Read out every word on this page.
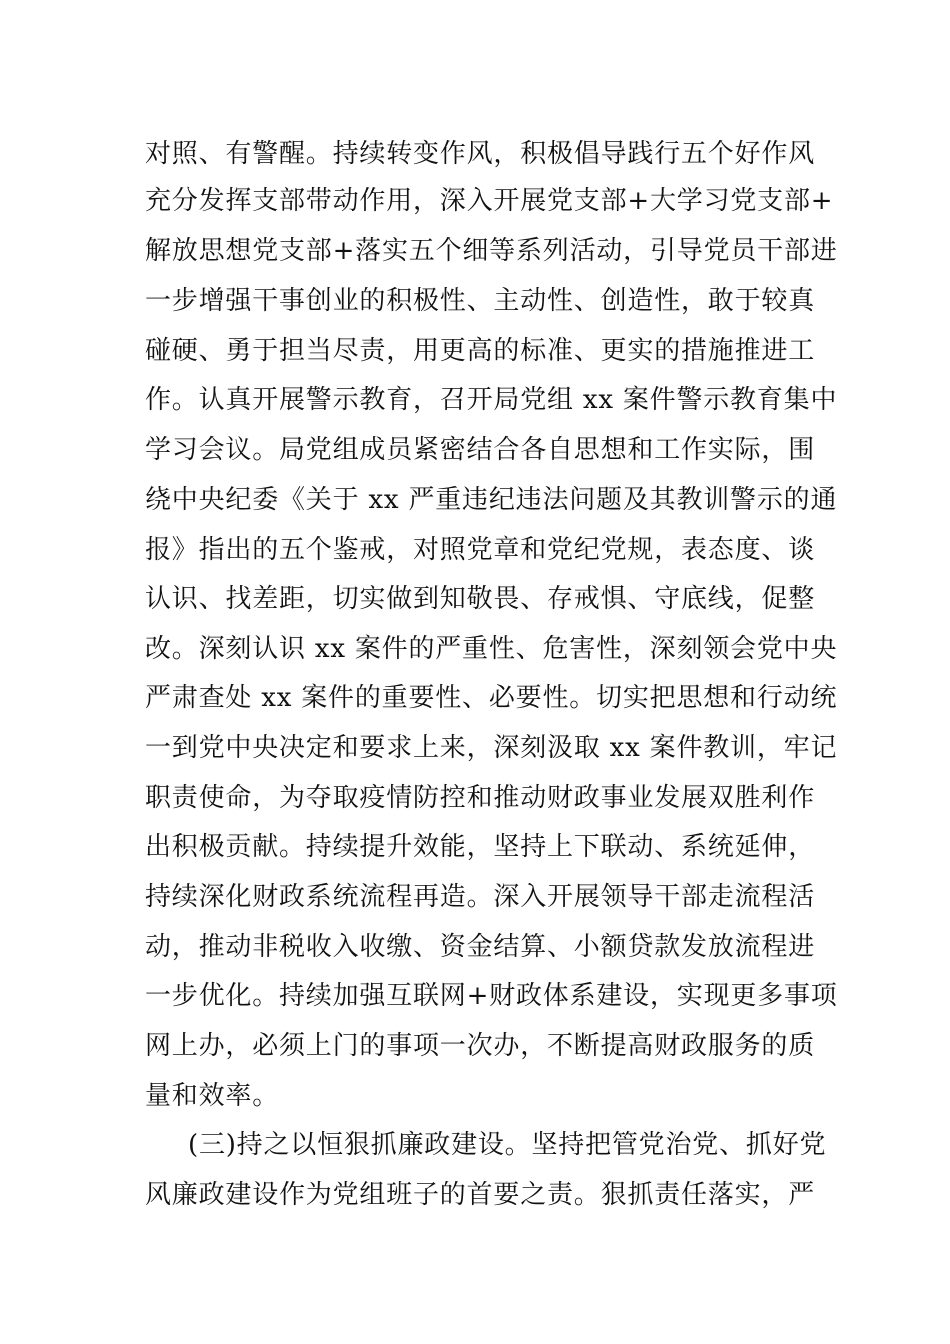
对照、有警醒。持续转变作风，积极倡导践行五个好作风
充分发挥支部带动作用，深入开展党支部+大学习党支部+
解放思想党支部+落实五个细等系列活动，引导党员干部进
一步增强干事创业的积极性、主动性、创造性，敢于较真
碰硬、勇于担当尽责，用更高的标准、更实的措施推进工
作。认真开展警示教育，召开局党组 xx 案件警示教育集中
学习会议。局党组成员紧密结合各自思想和工作实际，围
绕中央纪委《关于 xx 严重违纪违法问题及其教训警示的通
报》指出的五个鉴戒，对照党章和党纪党规，表态度、谈
认识、找差距，切实做到知敬畏、存戒惧、守底线，促整
改。深刻认识 xx 案件的严重性、危害性，深刻领会党中央
严肃查处 xx 案件的重要性、必要性。切实把思想和行动统
一到党中央决定和要求上来，深刻汲取 xx 案件教训，牢记
职责使命，为夺取疫情防控和推动财政事业发展双胜利作
出积极贡献。持续提升效能，坚持上下联动、系统延伸，
持续深化财政系统流程再造。深入开展领导干部走流程活
动，推动非税收入收缴、资金结算、小额贷款发放流程进
一步优化。持续加强互联网+财政体系建设，实现更多事项
网上办，必须上门的事项一次办，不断提高财政服务的质
量和效率。
(三)持之以恒狠抓廉政建设。坚持把管党治党、抓好党
风廉政建设作为党组班子的首要之责。狠抓责任落实，严
